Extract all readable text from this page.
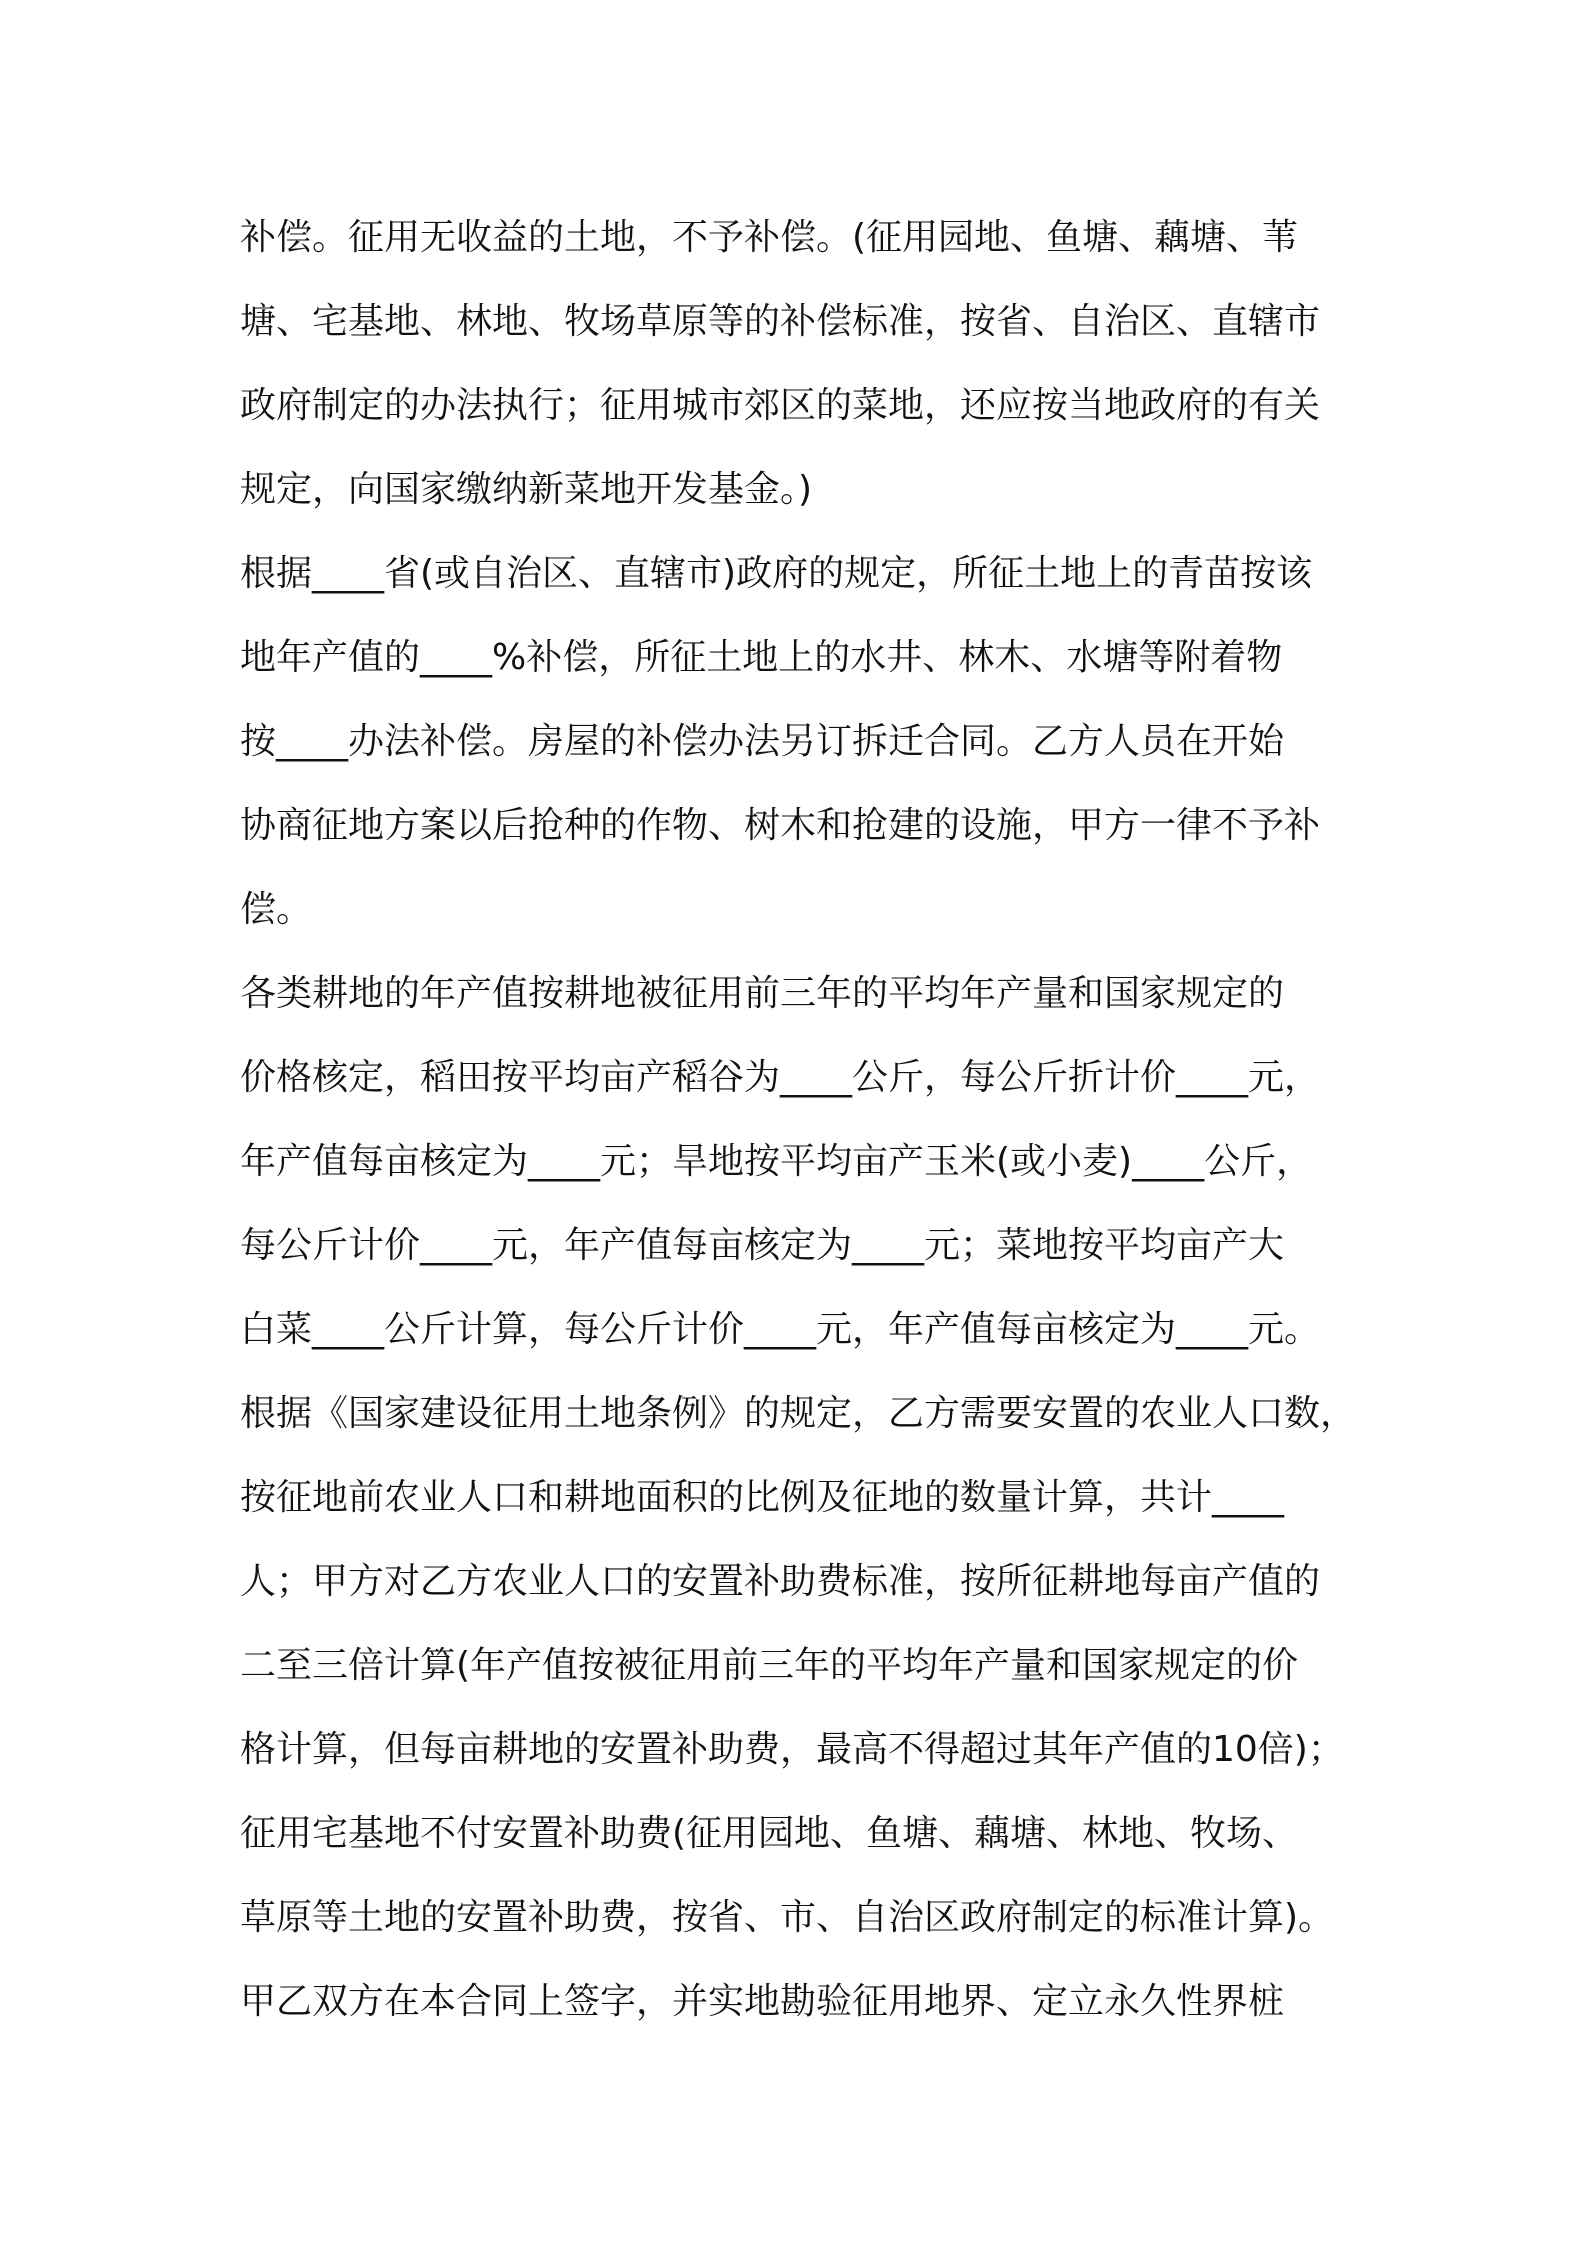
补偿。征用无收益的土地，不予补偿。(征用园地、鱼塘、藕塘、苇
塘、宅基地、林地、牧场草原等的补偿标准，按省、自治区、直辖市
政府制定的办法执行；征用城市郊区的菜地，还应按当地政府的有关
规定，向国家缴纳新菜地开发基金。)
根据____省(或自治区、直辖市)政府的规定，所征土地上的青苗按该
地年产值的____%补偿，所征土地上的水井、林木、水塘等附着物
按____办法补偿。房屋的补偿办法另订拆迁合同。乙方人员在开始
协商征地方案以后抢种的作物、树木和抢建的设施，甲方一律不予补
偿。
各类耕地的年产值按耕地被征用前三年的平均年产量和国家规定的
价格核定，稻田按平均亩产稻谷为____公斤，每公斤折计价____元，
年产值每亩核定为____元；旱地按平均亩产玉米(或小麦)____公斤，
每公斤计价____元，年产值每亩核定为____元；菜地按平均亩产大
白菜____公斤计算，每公斤计价____元，年产值每亩核定为____元。
根据《国家建设征用土地条例》的规定，乙方需要安置的农业人口数，
按征地前农业人口和耕地面积的比例及征地的数量计算，共计____
人；甲方对乙方农业人口的安置补助费标准，按所征耕地每亩产值的
二至三倍计算(年产值按被征用前三年的平均年产量和国家规定的价
格计算，但每亩耕地的安置补助费，最高不得超过其年产值的10倍)；
征用宅基地不付安置补助费(征用园地、鱼塘、藕塘、林地、牧场、
草原等土地的安置补助费，按省、市、自治区政府制定的标准计算)。
甲乙双方在本合同上签字，并实地勘验征用地界、定立永久性界桩
